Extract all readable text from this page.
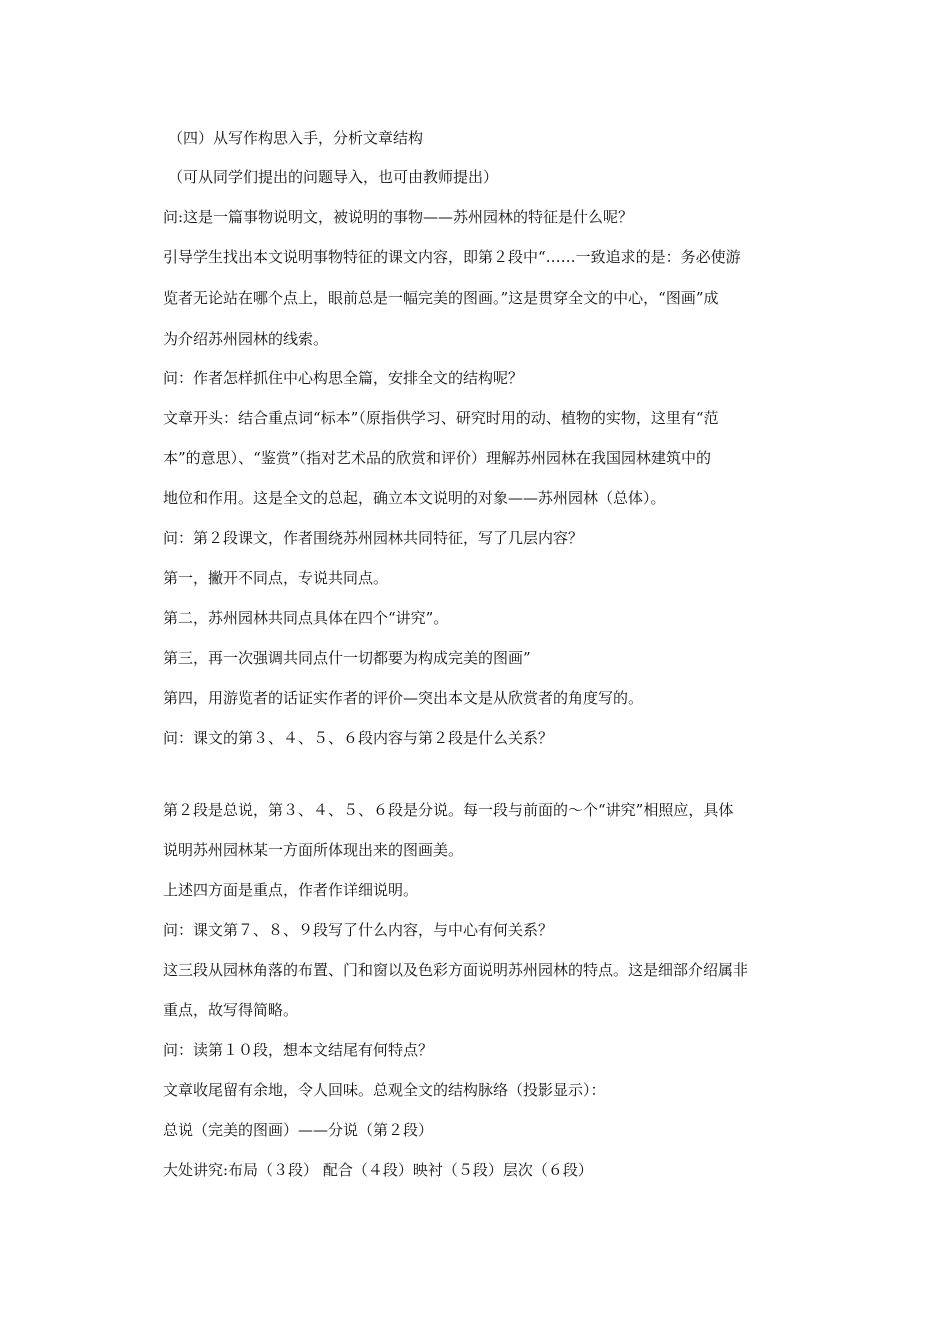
（四）从写作构思入手，分析文章结构
（可从同学们提出的问题导入，也可由教师提出）
问:这是一篇事物说明文，被说明的事物——苏州园林的特征是什么呢？
引导学生找出本文说明事物特征的课文内容，即第２段中“……一致追求的是：务必使游
览者无论站在哪个点上，眼前总是一幅完美的图画。”这是贯穿全文的中心，“图画”成
为介绍苏州园林的线索。
问：作者怎样抓住中心构思全篇，安排全文的结构呢？
文章开头：结合重点词“标本”（原指供学习、研究时用的动、植物的实物，这里有“范
本”的意思）、“鉴赏”（指对艺术品的欣赏和评价）理解苏州园林在我国园林建筑中的
地位和作用。这是全文的总起，确立本文说明的对象——苏州园林（总体）。
问：第２段课文，作者围绕苏州园林共同特征，写了几层内容？
第一，撇开不同点，专说共同点。
第二，苏州园林共同点具体在四个“讲究”。
第三，再一次强调共同点什一切都要为构成完美的图画”
第四，用游览者的话证实作者的评价—突出本文是从欣赏者的角度写的。
问：课文的第３、４、５、６段内容与第２段是什么关系？
第２段是总说，第３、４、５、６段是分说。每一段与前面的～个“讲究”相照应，具体
说明苏州园林某一方面所体现出来的图画美。
上述四方面是重点，作者作详细说明。
问：课文第７、８、９段写了什么内容，与中心有何关系？
这三段从园林角落的布置、门和窗以及色彩方面说明苏州园林的特点。这是细部介绍属非
重点，故写得简略。
问：读第１０段，想本文结尾有何特点？
文章收尾留有余地，令人回味。总观全文的结构脉络（投影显示）：
总说（完美的图画）——分说（第２段）
大处讲究:布局（３段） 配合（４段）映衬（５段）层次（６段）
